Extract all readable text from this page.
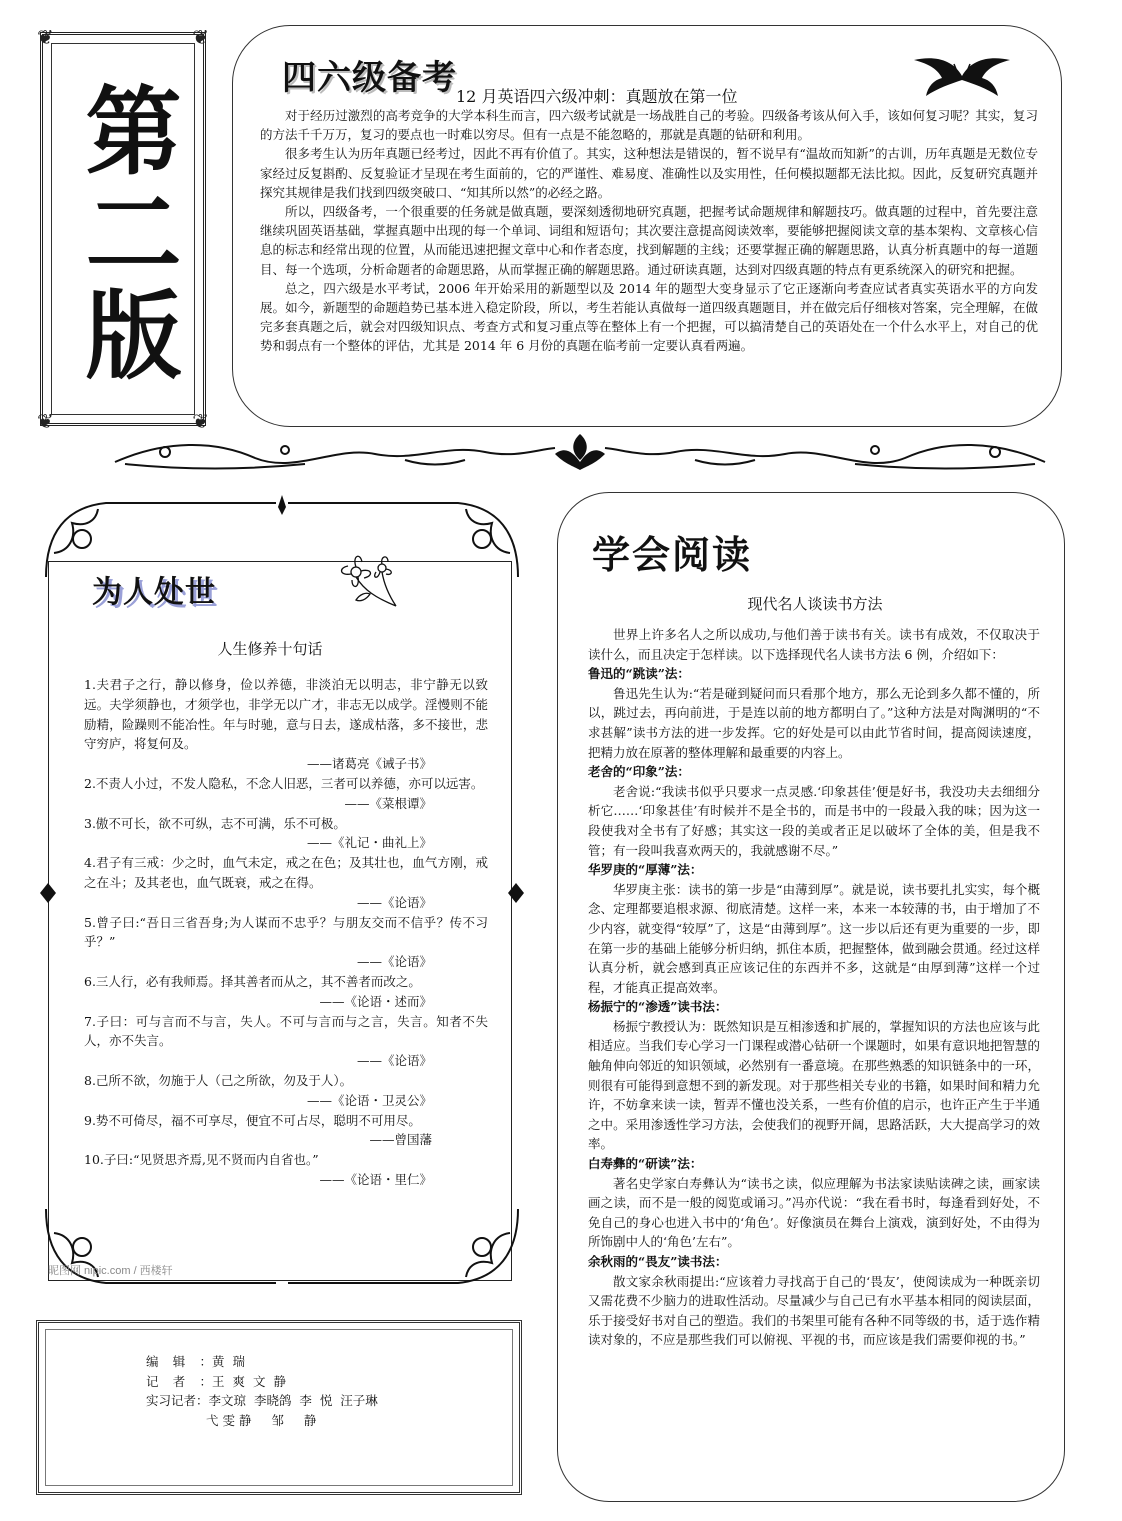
❦	❦
❦	❦
第二版
四六级备考 12 月英语四六级冲刺：真题放在第一位

对于经历过激烈的高考竞争的大学本科生而言，四六级考试就是一场战胜自己的考验。四级备考该从何入手，该如何复习呢？其实，复习的方法千千万万，复习的要点也一时难以穷尽。但有一点是不能忽略的，那就是真题的钻研和利用。

很多考生认为历年真题已经考过，因此不再有价值了。其实，这种想法是错误的，暂不说早有“温故而知新”的古训，历年真题是无数位专家经过反复斟酌、反复验证才呈现在考生面前的，它的严谨性、难易度、准确性以及实用性，任何模拟题都无法比拟。因此，反复研究真题并探究其规律是我们找到四级突破口、“知其所以然”的必经之路。

所以，四级备考，一个很重要的任务就是做真题，要深刻透彻地研究真题，把握考试命题规律和解题技巧。做真题的过程中，首先要注意继续巩固英语基础，掌握真题中出现的每一个单词、词组和短语句；其次要注意提高阅读效率，要能够把握阅读文章的基本架构、文章核心信息的标志和经常出现的位置，从而能迅速把握文章中心和作者态度，找到解题的主线；还要掌握正确的解题思路，认真分析真题中的每一道题目、每一个选项，分析命题者的命题思路，从而掌握正确的解题思路。通过研读真题，达到对四级真题的特点有更系统深入的研究和把握。

总之，四六级是水平考试，2006 年开始采用的新题型以及 2014 年的题型大变身显示了它正逐渐向考查应试者真实英语水平的方向发展。如今，新题型的命题趋势已基本进入稳定阶段，所以，考生若能认真做每一道四级真题题目，并在做完后仔细核对答案，完全理解，在做完多套真题之后，就会对四级知识点、考查方式和复习重点等在整体上有一个把握，可以搞清楚自己的英语处在一个什么水平上，对自己的优势和弱点有一个整体的评估，尤其是 2014 年 6 月份的真题在临考前一定要认真看两遍。

为人处世
人生修养十句话

1.夫君子之行，静以修身，俭以养德，非淡泊无以明志，非宁静无以致远。夫学须静也，才须学也，非学无以广才，非志无以成学。淫慢则不能励精，险躁则不能冶性。年与时驰，意与日去，遂成枯落，多不接世，悲守穷庐，将复何及。

——诸葛亮《诫子书》

2.不责人小过，不发人隐私，不念人旧恶，三者可以养德，亦可以远害。

——《菜根谭》

3.傲不可长，欲不可纵，志不可满，乐不可极。

——《礼记・曲礼上》

4.君子有三戒：少之时，血气未定，戒之在色；及其壮也，血气方刚，戒之在斗；及其老也，血气既衰，戒之在得。

——《论语》

5.曾子曰:“吾日三省吾身;为人谋而不忠乎？与朋友交而不信乎？传不习乎？”

——《论语》

6.三人行，必有我师焉。择其善者而从之，其不善者而改之。

——《论语・述而》

7.子曰：可与言而不与言，失人。不可与言而与之言，失言。知者不失人，亦不失言。

——《论语》

8.己所不欲，勿施于人（己之所欲，勿及于人）。

——《论语・卫灵公》

9.势不可倚尽，福不可享尽，便宜不可占尽，聪明不可用尽。

——曾国藩

10.子曰:“见贤思齐焉,见不贤而内自省也。”

——《论语・里仁》

昵图网 nipic.com / 西楼轩

编辑：黄瑞

记者：王爽文静

实习记者：李文琼  李晓鸽  李  悦  汪子琳

弋雯静  邹  静

学会阅读
现代名人谈读书方法

世界上许多名人之所以成功,与他们善于读书有关。读书有成效，不仅取决于读什么，而且决定于怎样读。以下选择现代名人读书方法 6 例，介绍如下：

鲁迅的“跳读”法：

鲁迅先生认为:“若是碰到疑问而只看那个地方，那么无论到多久都不懂的，所以，跳过去，再向前进，于是连以前的地方都明白了。”这种方法是对陶渊明的“不求甚解”读书方法的进一步发挥。它的好处是可以由此节省时间，提高阅读速度，把精力放在原著的整体理解和最重要的内容上。

老舍的“印象”法：

老舍说:“我读书似乎只要求一点灵感.‘印象甚佳’便是好书，我没功夫去细细分析它……‘印象甚佳’有时候并不是全书的，而是书中的一段最入我的味；因为这一段使我对全书有了好感；其实这一段的美或者正足以破坏了全体的美，但是我不管；有一段叫我喜欢两天的，我就感谢不尽。”

华罗庚的“厚薄”法：

华罗庚主张：读书的第一步是“由薄到厚”。就是说，读书要扎扎实实，每个概念、定理都要追根求源、彻底清楚。这样一来，本来一本较薄的书，由于增加了不少内容，就变得“较厚”了，这是“由薄到厚”。这一步以后还有更为重要的一步，即在第一步的基础上能够分析归纳，抓住本质，把握整体，做到融会贯通。经过这样认真分析，就会感到真正应该记住的东西并不多，这就是“由厚到薄”这样一个过程，才能真正提高效率。

杨振宁的“渗透”读书法：

杨振宁教授认为：既然知识是互相渗透和扩展的，掌握知识的方法也应该与此相适应。当我们专心学习一门课程或潜心钻研一个课题时，如果有意识地把智慧的触角伸向邻近的知识领域，必然别有一番意境。在那些熟悉的知识链条中的一环，则很有可能得到意想不到的新发现。对于那些相关专业的书籍，如果时间和精力允许，不妨拿来读一读，暂弄不懂也没关系，一些有价值的启示，也许正产生于半通之中。采用渗透性学习方法，会使我们的视野开阔，思路活跃，大大提高学习的效率。

白寿彝的“研读”法：

著名史学家白寿彝认为“读书之读，似应理解为书法家读贴读碑之读，画家读画之读，而不是一般的阅览或诵习。”冯亦代说：“我在看书时，每逢看到好处，不免自己的身心也进入书中的‘角色’。好像演员在舞台上演戏，演到好处，不由得为所饰剧中人的‘角色’左右”。

余秋雨的“畏友”读书法：

散文家余秋雨提出:“应该着力寻找高于自己的‘畏友’，使阅读成为一种既亲切又需花费不少脑力的进取性活动。尽量减少与自己已有水平基本相同的阅读层面，乐于接受好书对自己的塑造。我们的书架里可能有各种不同等级的书，适于选作精读对象的，不应是那些我们可以俯视、平视的书，而应该是我们需要仰视的书。”
